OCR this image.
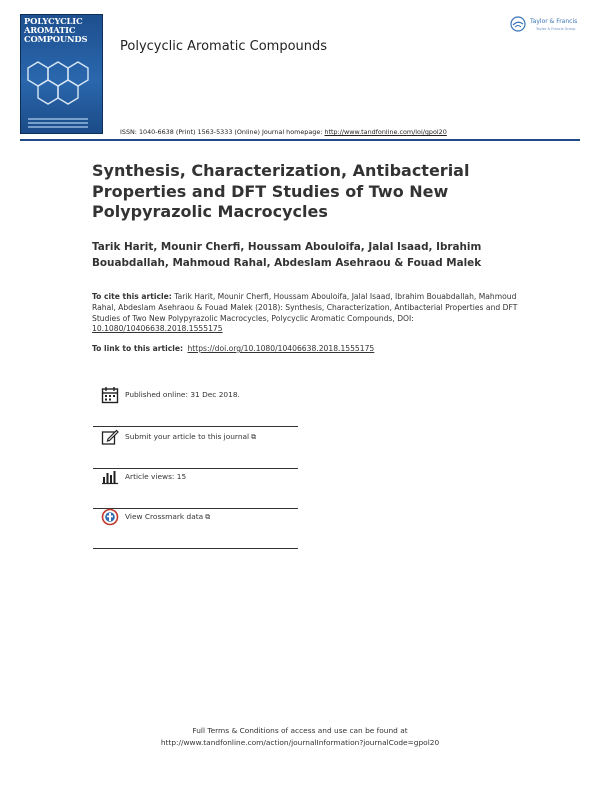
POLYCYCLIC
AROMATIC
COMPOUNDS
Polycyclic Aromatic Compounds
Taylor & Francis
Taylor & Francis Group
ISSN: 1040-6638 (Print) 1563-5333 (Online) Journal homepage: http://www.tandfonline.com/loi/gpol20
Synthesis, Characterization, Antibacterial Properties and DFT Studies of Two New Polypyrazolic Macrocycles
Tarik Harit, Mounir Cherfi, Houssam Abouloifa, Jalal Isaad, Ibrahim Bouabdallah, Mahmoud Rahal, Abdeslam Asehraou & Fouad Malek
To cite this article: Tarik Harit, Mounir Cherfi, Houssam Abouloifa, Jalal Isaad, Ibrahim Bouabdallah, Mahmoud Rahal, Abdeslam Asehraou & Fouad Malek (2018): Synthesis, Characterization, Antibacterial Properties and DFT Studies of Two New Polypyrazolic Macrocycles, Polycyclic Aromatic Compounds, DOI: 10.1080/10406638.2018.1555175
To link to this article: https://doi.org/10.1080/10406638.2018.1555175
Published online: 31 Dec 2018.
Submit your article to this journal ⧉
Article views: 15
View Crossmark data ⧉
Full Terms & Conditions of access and use can be found at
http://www.tandfonline.com/action/journalInformation?journalCode=gpol20
